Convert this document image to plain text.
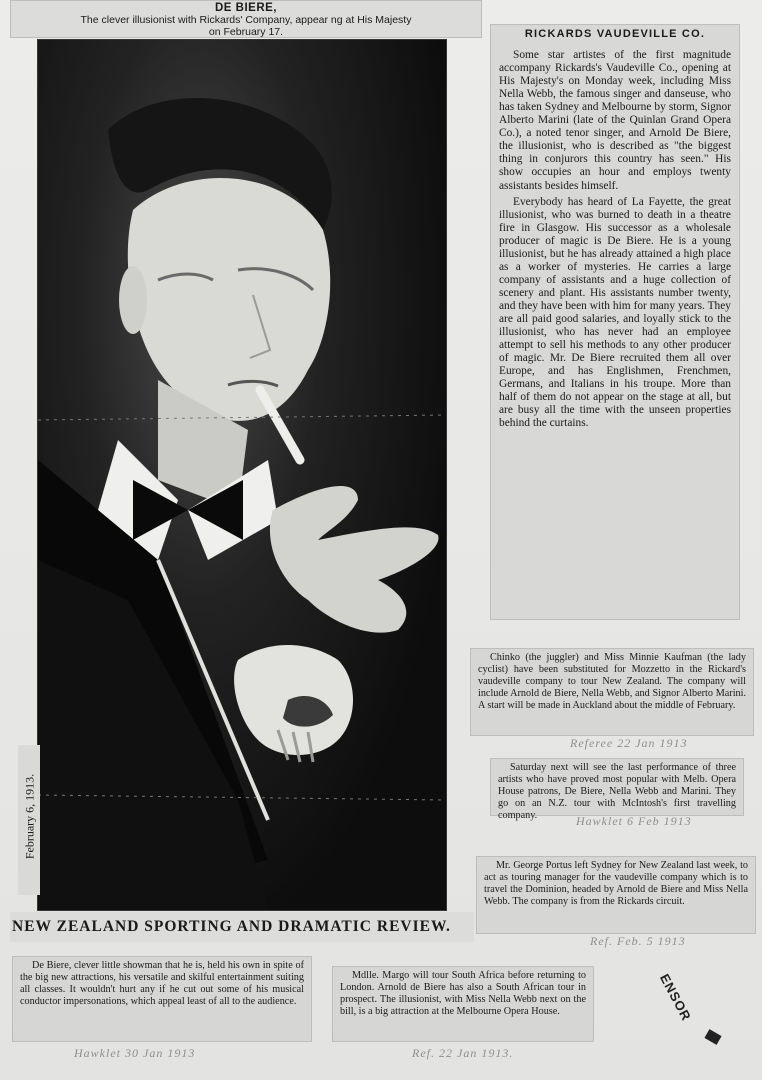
DE BIERE,
The clever illusionist with Rickards' Company, appear ng at His Majesty
on February 17.
February 6, 1913.
NEW ZEALAND SPORTING AND DRAMATIC REVIEW.
RICKARDS VAUDEVILLE CO.

Some star artistes of the first magnitude accompany Rickards's Vaudeville Co., opening at His Majesty's on Monday week, including Miss Nella Webb, the famous singer and danseuse, who has taken Sydney and Melbourne by storm, Signor Alberto Marini (late of the Quinlan Grand Opera Co.), a noted tenor singer, and Arnold De Biere, the illusionist, who is described as "the biggest thing in conjurors this country has seen." His show occupies an hour and employs twenty assistants besides himself.

Everybody has heard of La Fayette, the great illusionist, who was burned to death in a theatre fire in Glasgow. His successor as a wholesale producer of magic is De Biere. He is a young illusionist, but he has already attained a high place as a worker of mysteries. He carries a large company of assistants and a huge collection of scenery and plant. His assistants number twenty, and they have been with him for many years. They are all paid good salaries, and loyally stick to the illusionist, who has never had an employee attempt to sell his methods to any other producer of magic. Mr. De Biere recruited them all over Europe, and has Englishmen, Frenchmen, Germans, and Italians in his troupe. More than half of them do not appear on the stage at all, but are busy all the time with the unseen properties behind the curtains.

Chinko (the juggler) and Miss Minnie Kaufman (the lady cyclist) have been substituted for Mozzetto in the Rickard's vaudeville company to tour New Zealand. The company will include Arnold de Biere, Nella Webb, and Signor Alberto Marini. A start will be made in Auckland about the middle of February.

Saturday next will see the last performance of three artists who have proved most popular with Melb. Opera House patrons, De Biere, Nella Webb and Marini. They go on an N.Z. tour with McIntosh's first travelling company.

Mr. George Portus left Sydney for New Zealand last week, to act as touring manager for the vaudeville company which is to travel the Dominion, headed by Arnold de Biere and Miss Nella Webb. The company is from the Rickards circuit.

De Biere, clever little showman that he is, held his own in spite of the big new attractions, his versatile and skilful entertainment suiting all classes. It wouldn't hurt any if he cut out some of his musical conductor impersonations, which appeal least of all to the audience.

Mdlle. Margo will tour South Africa before returning to London. Arnold de Biere has also a South African tour in prospect. The illusionist, with Miss Nella Webb next on the bill, is a big attraction at the Melbourne Opera House.

Referee 22 Jan 1913
Hawklet 6 Feb 1913
Ref. Feb. 5 1913
Hawklet 30 Jan 1913	Ref. 22 Jan 1913.
ENSOR
